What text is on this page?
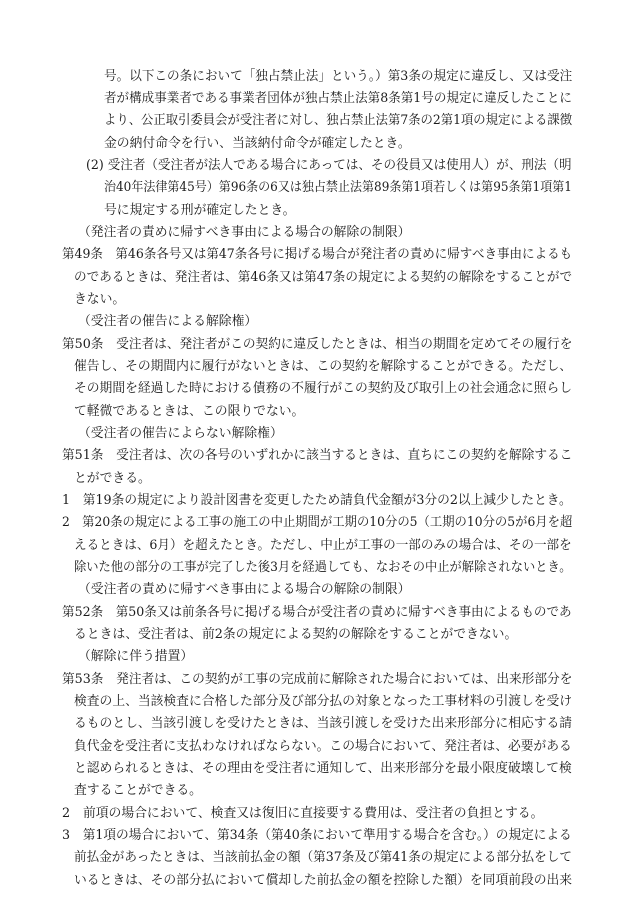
号。以下この条において「独占禁止法」という。）第3条の規定に違反し、又は受注
者が構成事業者である事業者団体が独占禁止法第8条第1号の規定に違反したことに
より、公正取引委員会が受注者に対し、独占禁止法第7条の2第1項の規定による課徴
金の納付命令を行い、当該納付命令が確定したとき。
(2) 受注者（受注者が法人である場合にあっては、その役員又は使用人）が、刑法（明
治40年法律第45号）第96条の6又は独占禁止法第89条第1項若しくは第95条第1項第1
号に規定する刑が確定したとき。
（発注者の責めに帰すべき事由による場合の解除の制限）
第49条　第46条各号又は第47条各号に掲げる場合が発注者の責めに帰すべき事由によるも
のであるときは、発注者は、第46条又は第47条の規定による契約の解除をすることがで
きない。
（受注者の催告による解除権）
第50条　受注者は、発注者がこの契約に違反したときは、相当の期間を定めてその履行を
催告し、その期間内に履行がないときは、この契約を解除することができる。ただし、
その期間を経過した時における債務の不履行がこの契約及び取引上の社会通念に照らし
て軽微であるときは、この限りでない。
（受注者の催告によらない解除権）
第51条　受注者は、次の各号のいずれかに該当するときは、直ちにこの契約を解除するこ
とができる。
1　第19条の規定により設計図書を変更したため請負代金額が3分の2以上減少したとき。
2　第20条の規定による工事の施工の中止期間が工期の10分の5（工期の10分の5が6月を超
えるときは、6月）を超えたとき。ただし、中止が工事の一部のみの場合は、その一部を
除いた他の部分の工事が完了した後3月を経過しても、なおその中止が解除されないとき。
（受注者の責めに帰すべき事由による場合の解除の制限）
第52条　第50条又は前条各号に掲げる場合が受注者の責めに帰すべき事由によるものであ
るときは、受注者は、前2条の規定による契約の解除をすることができない。
（解除に伴う措置）
第53条　発注者は、この契約が工事の完成前に解除された場合においては、出来形部分を
検査の上、当該検査に合格した部分及び部分払の対象となった工事材料の引渡しを受け
るものとし、当該引渡しを受けたときは、当該引渡しを受けた出来形部分に相応する請
負代金を受注者に支払わなければならない。この場合において、発注者は、必要がある
と認められるときは、その理由を受注者に通知して、出来形部分を最小限度破壊して検
査することができる。
2　前項の場合において、検査又は復旧に直接要する費用は、受注者の負担とする。
3　第1項の場合において、第34条（第40条において準用する場合を含む。）の規定による
前払金があったときは、当該前払金の額（第37条及び第41条の規定による部分払をして
いるときは、その部分払において償却した前払金の額を控除した額）を同項前段の出来
